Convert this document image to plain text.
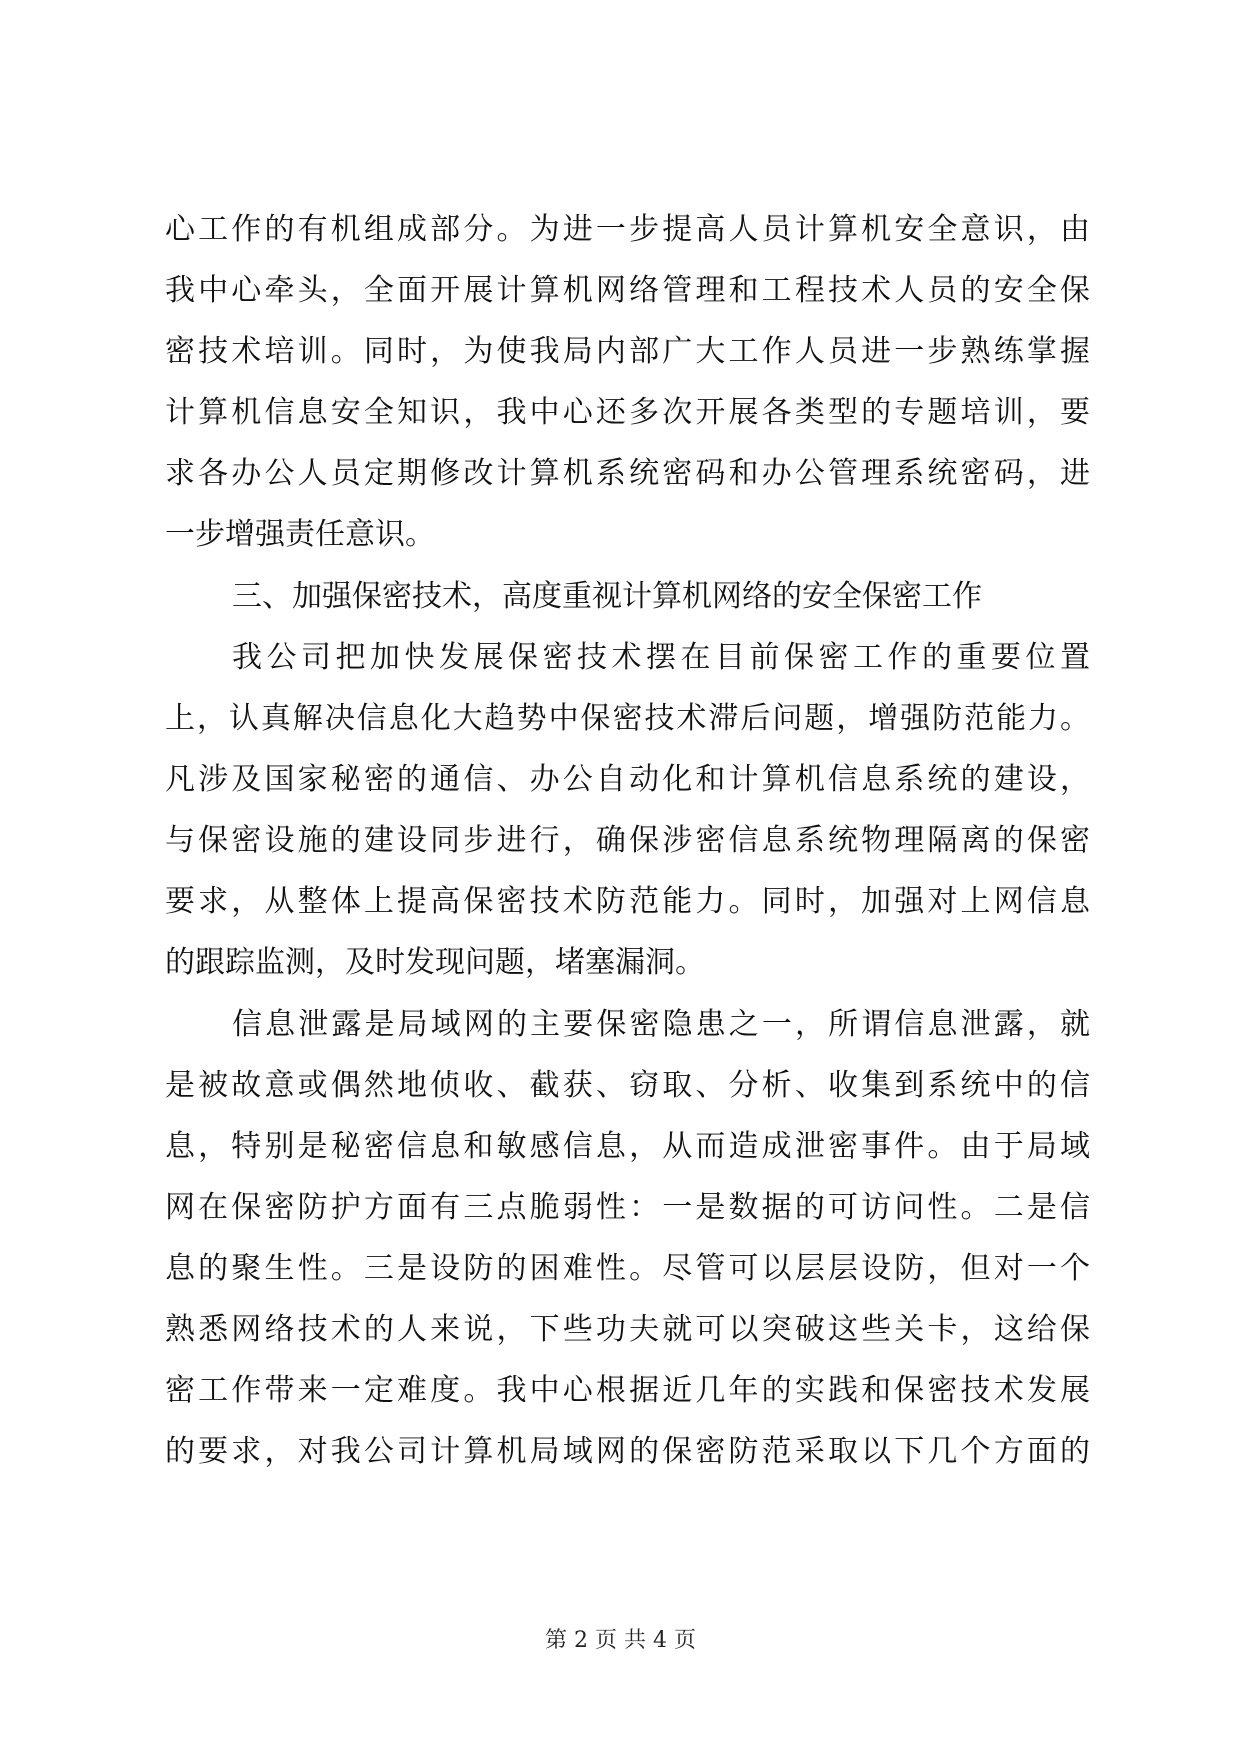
心工作的有机组成部分。为进一步提高人员计算机安全意识，由
我中心牵头，全面开展计算机网络管理和工程技术人员的安全保
密技术培训。同时，为使我局内部广大工作人员进一步熟练掌握
计算机信息安全知识，我中心还多次开展各类型的专题培训，要
求各办公人员定期修改计算机系统密码和办公管理系统密码，进
一步增强责任意识。
三、加强保密技术，高度重视计算机网络的安全保密工作
我公司把加快发展保密技术摆在目前保密工作的重要位置
上，认真解决信息化大趋势中保密技术滞后问题，增强防范能力。
凡涉及国家秘密的通信、办公自动化和计算机信息系统的建设，
与保密设施的建设同步进行，确保涉密信息系统物理隔离的保密
要求，从整体上提高保密技术防范能力。同时，加强对上网信息
的跟踪监测，及时发现问题，堵塞漏洞。
信息泄露是局域网的主要保密隐患之一，所谓信息泄露，就
是被故意或偶然地侦收、截获、窃取、分析、收集到系统中的信
息，特别是秘密信息和敏感信息，从而造成泄密事件。由于局域
网在保密防护方面有三点脆弱性：一是数据的可访问性。二是信
息的聚生性。三是设防的困难性。尽管可以层层设防，但对一个
熟悉网络技术的人来说，下些功夫就可以突破这些关卡，这给保
密工作带来一定难度。我中心根据近几年的实践和保密技术发展
的要求，对我公司计算机局域网的保密防范采取以下几个方面的
第 2 页 共 4 页
